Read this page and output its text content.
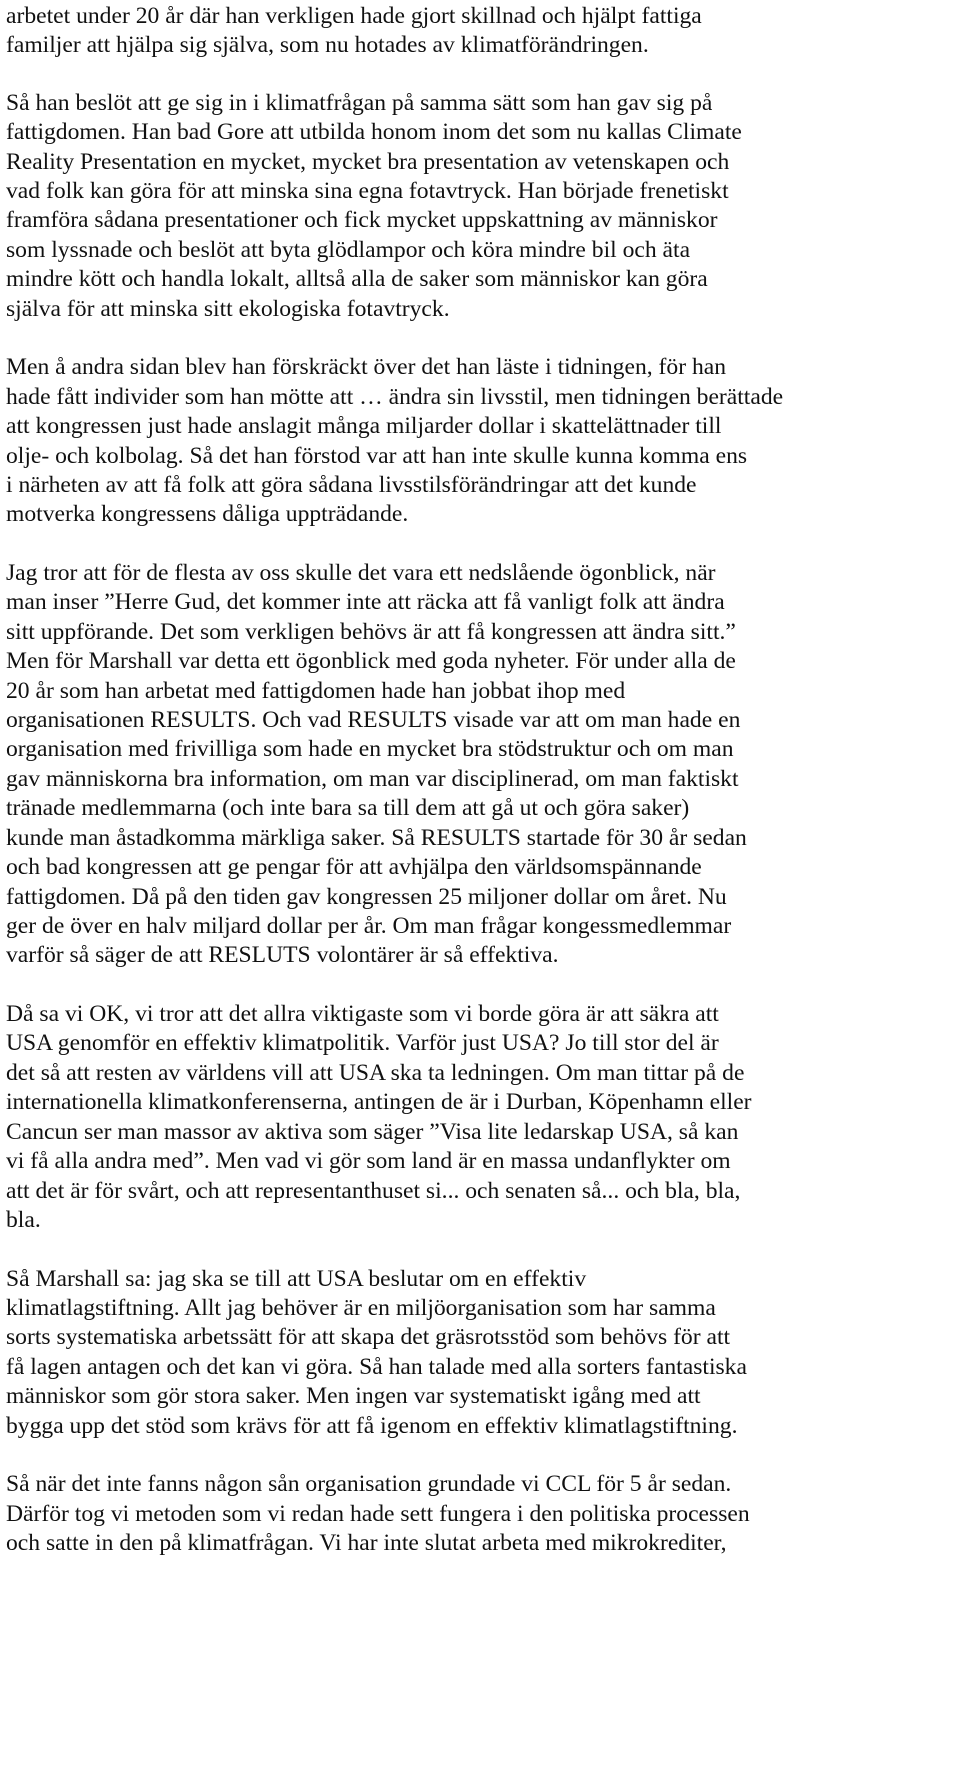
arbetet under 20 år där han verkligen hade gjort skillnad och hjälpt fattiga
familjer att hjälpa sig själva, som nu hotades av klimatförändringen.
Så han beslöt att ge sig in i klimatfrågan på samma sätt som han gav sig på
fattigdomen. Han bad Gore att utbilda honom inom det som nu kallas Climate
Reality Presentation en mycket, mycket bra presentation av vetenskapen och
vad folk kan göra för att minska sina egna fotavtryck. Han började frenetiskt
framföra sådana presentationer och fick mycket uppskattning av människor
som lyssnade och beslöt att byta glödlampor och köra mindre bil och äta
mindre kött och handla lokalt, alltså alla de saker som människor kan göra
själva för att minska sitt ekologiska fotavtryck.
Men å andra sidan blev han förskräckt över det han läste i tidningen, för han
hade fått individer som han mötte att … ändra sin livsstil, men tidningen berättade
att kongressen just hade anslagit många miljarder dollar i skattelättnader till
olje- och kolbolag. Så det han förstod var att han inte skulle kunna komma ens
i närheten av att få folk att göra sådana livsstilsförändringar att det kunde
motverka kongressens dåliga uppträdande.
Jag tror att för de flesta av oss skulle det vara ett nedslående ögonblick, när
man inser ”Herre Gud, det kommer inte att räcka att få vanligt folk att ändra
sitt uppförande. Det som verkligen behövs är att få kongressen att ändra sitt.”
Men för Marshall var detta ett ögonblick med goda nyheter. För under alla de
20 år som han arbetat med fattigdomen hade han jobbat ihop med
organisationen RESULTS. Och vad RESULTS visade var att om man hade en
organisation med frivilliga som hade en mycket bra stödstruktur och om man
gav människorna bra information, om man var disciplinerad, om man faktiskt
tränade medlemmarna (och inte bara sa till dem att gå ut och göra saker)
kunde man åstadkomma märkliga saker. Så RESULTS startade för 30 år sedan
och bad kongressen att ge pengar för att avhjälpa den världsomspännande
fattigdomen. Då på den tiden gav kongressen 25 miljoner dollar om året. Nu
ger de över en halv miljard dollar per år. Om man frågar kongessmedlemmar
varför så säger de att RESLUTS volontärer är så effektiva.
Då sa vi OK, vi tror att det allra viktigaste som vi borde göra är att säkra att
USA genomför en effektiv klimatpolitik. Varför just USA? Jo till stor del är
det så att resten av världens vill att USA ska ta ledningen. Om man tittar på de
internationella klimatkonferenserna, antingen de är i Durban, Köpenhamn eller
Cancun ser man massor av aktiva som säger ”Visa lite ledarskap USA, så kan
vi få alla andra med”. Men vad vi gör som land är en massa undanflykter om
att det är för svårt, och att representanthuset si... och senaten så... och bla, bla,
bla.
Så Marshall sa: jag ska se till att USA beslutar om en effektiv
klimatlagstiftning. Allt jag behöver är en miljöorganisation som har samma
sorts systematiska arbetssätt för att skapa det gräsrotsstöd som behövs för att
få lagen antagen och det kan vi göra. Så han talade med alla sorters fantastiska
människor som gör stora saker. Men ingen var systematiskt igång med att
bygga upp det stöd som krävs för att få igenom en effektiv klimatlagstiftning.
Så när det inte fanns någon sån organisation grundade vi CCL för 5 år sedan.
Därför tog vi metoden som vi redan hade sett fungera i den politiska processen
och satte in den på klimatfrågan. Vi har inte slutat arbeta med mikrokrediter,
